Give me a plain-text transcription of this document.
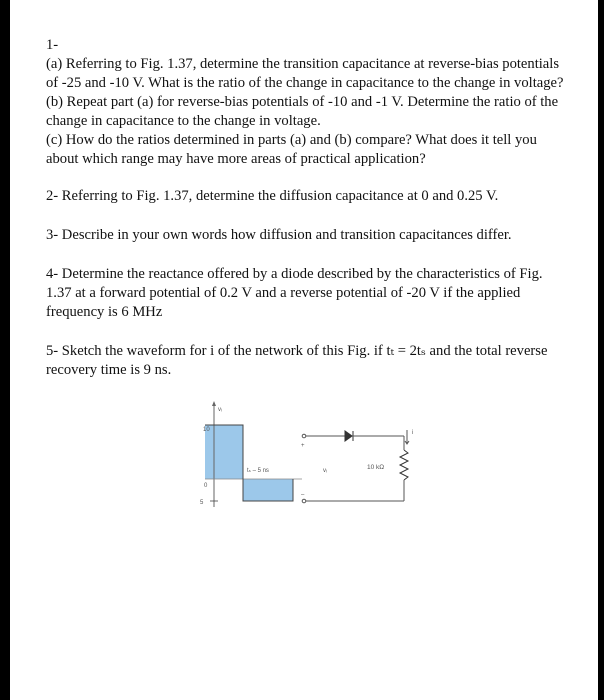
1-

(a) Referring to Fig. 1.37, determine the transition capacitance at reverse-bias potentials of -25 and -10 V. What is the ratio of the change in capacitance to the change in voltage?

(b) Repeat part (a) for reverse-bias potentials of -10 and -1 V. Determine the ratio of the change in capacitance to the change in voltage.

(c) How do the ratios determined in parts (a) and (b) compare? What does it tell you about which range may have more areas of practical application?

2- Referring to Fig. 1.37, determine the diffusion capacitance at 0 and 0.25 V.

3- Describe in your own words how diffusion and transition capacitances differ.

4- Determine the reactance offered by a diode described by the characteristics of Fig. 1.37 at a forward potential of 0.2 V and a reverse potential of -20 V if the applied frequency is 6 MHz

5- Sketch the waveform for i of the network of this Fig. if tₜ = 2tₛ and the total reverse recovery time is 9 ns.

vᵢ
10
0
5
tₛ – 5 ns
+
–
vᵢ
i
10 kΩ
